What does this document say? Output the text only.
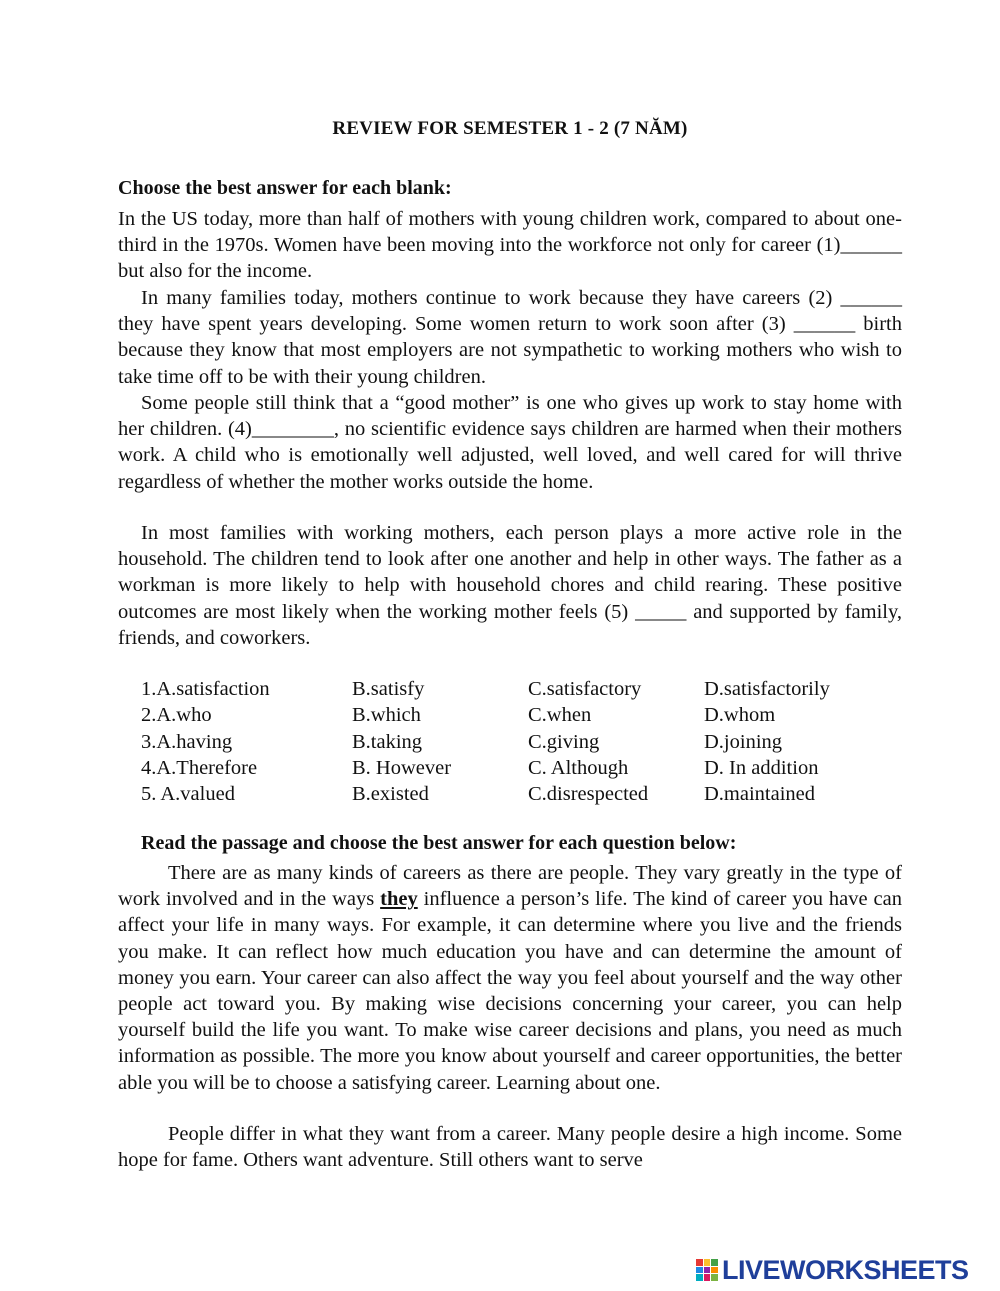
REVIEW FOR SEMESTER 1 - 2 (7 NĂM)
Choose the best answer for each blank:

In the US today, more than half of mothers with young children work, compared to about one-third in the 1970s. Women have been moving into the workforce not only for career (1)______ but also for the income.

In many families today, mothers continue to work because they have careers (2) ______ they have spent years developing. Some women return to work soon after (3) ______ birth because they know that most employers are not sympathetic to working mothers who wish to take time off to be with their young children.

Some people still think that a “good mother” is one who gives up work to stay home with her children. (4)________, no scientific evidence says children are harmed when their mothers work. A child who is emotionally well adjusted, well loved, and well cared for will thrive regardless of whether the mother works outside the home.

In most families with working mothers, each person plays a more active role in the household. The children tend to look after one another and help in other ways. The father as a workman is more likely to help with household chores and child rearing. These positive outcomes are most likely when the working mother feels (5) _____ and supported by family, friends, and coworkers.

1.A.satisfaction	B.satisfy	C.satisfactory	D.satisfactorily
2.A.who	B.which	C.when	D.whom
3.A.having	B.taking	C.giving	D.joining
4.A.Therefore	B. However	C. Although	D. In addition
5. A.valued	B.existed	C.disrespected	D.maintained
Read the passage and choose the best answer for each question below:

There are as many kinds of careers as there are people. They vary greatly in the type of work involved and in the ways they influence a person’s life. The kind of career you have can affect your life in many ways. For example, it can determine where you live and the friends you make. It can reflect how much education you have and can determine the amount of money you earn. Your career can also affect the way you feel about yourself and the way other people act toward you. By making wise decisions concerning your career, you can help yourself build the life you want. To make wise career decisions and plans, you need as much information as possible. The more you know about yourself and career opportunities, the better able you will be to choose a satisfying career. Learning about one.

People differ in what they want from a career. Many people desire a high income. Some hope for fame. Others want adventure. Still others want to serve

LIVEWORKSHEETS
